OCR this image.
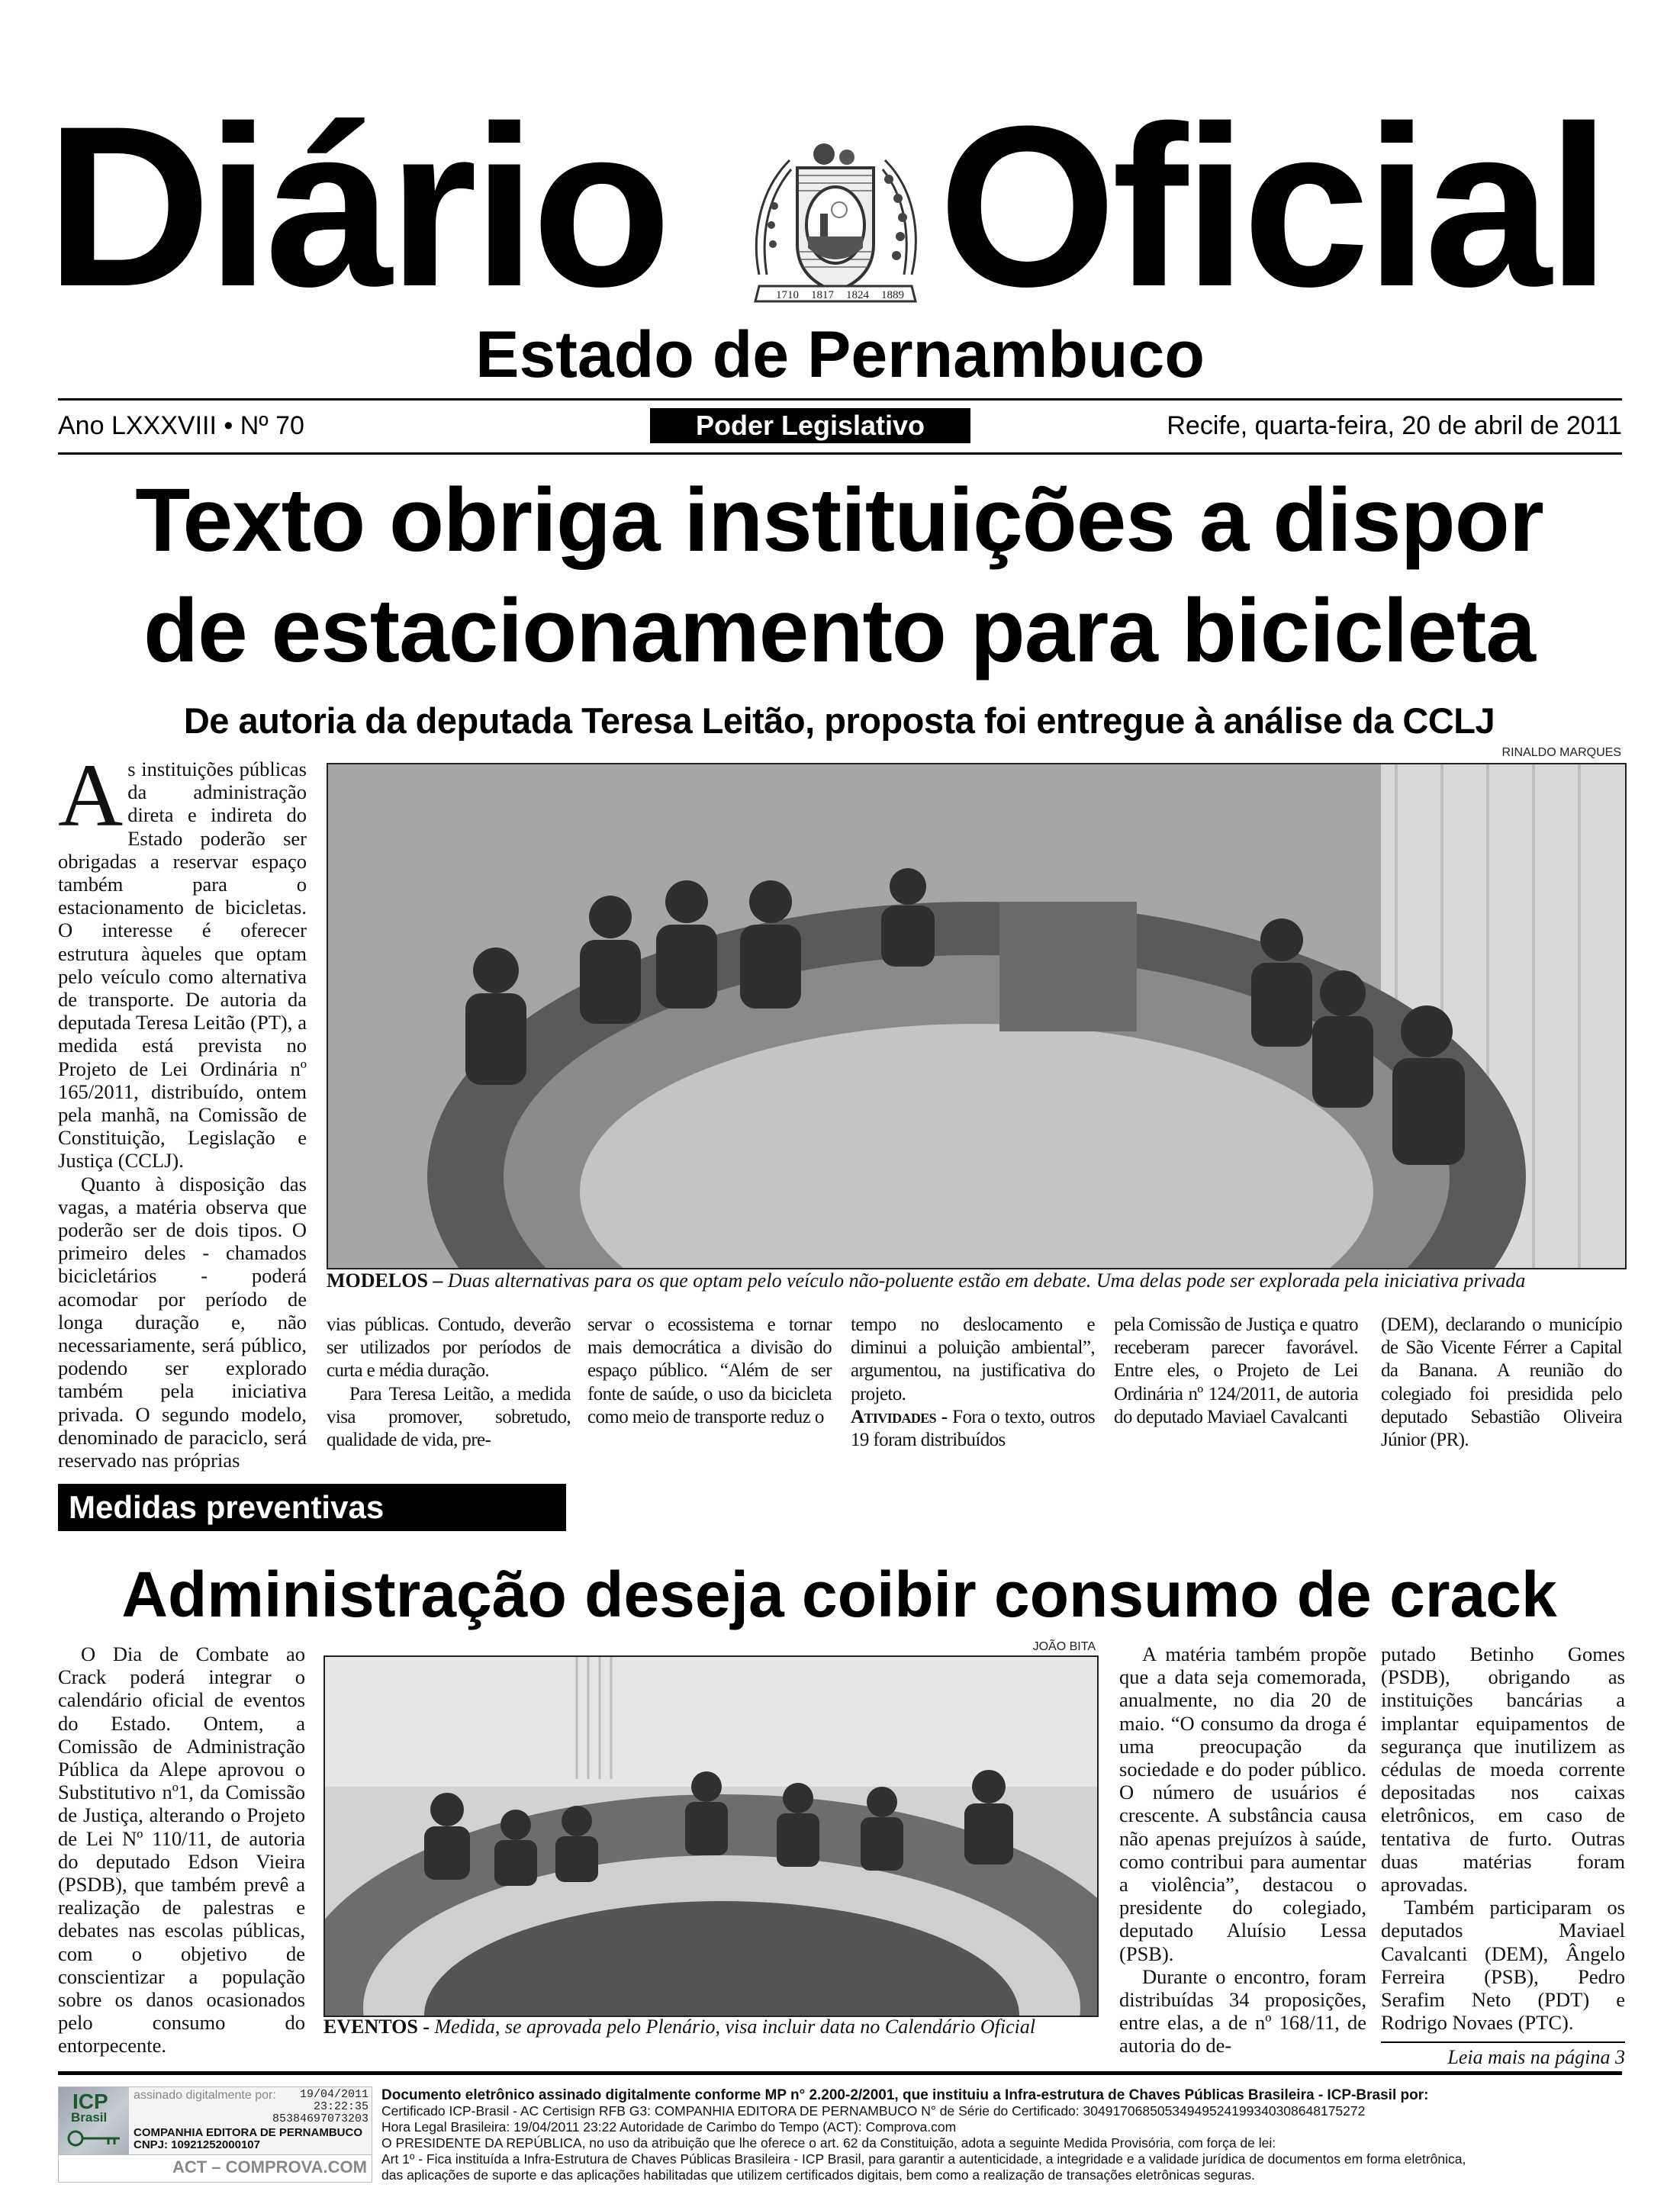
Diário	1710 1817 1824 1889 Oficial
Estado de Pernambuco
Ano LXXXVIII • Nº 70	Poder Legislativo	Recife, quarta-feira, 20 de abril de 2011
Texto obriga instituições a dispor
de estacionamento para bicicleta
De autoria da deputada Teresa Leitão, proposta foi entregue à análise da CCLJ

As instituições públicas da administração direta e indireta do Estado poderão ser obrigadas a reservar espaço também para o estacionamento de bicicletas. O interesse é oferecer estrutura àqueles que optam pelo veículo como alternativa de transporte. De autoria da deputada Teresa Leitão (PT), a medida está prevista no Projeto de Lei Ordinária nº 165/2011, distribuído, ontem pela manhã, na Comissão de Constituição, Legislação e Justiça (CCLJ).

Quanto à disposição das vagas, a matéria observa que poderão ser de dois tipos. O primeiro deles - chamados bicicletários - poderá acomodar por período de longa duração e, não necessariamente, será público, podendo ser explorado também pela iniciativa privada. O segundo modelo, denominado de paraciclo, será reservado nas próprias

RINALDO MARQUES
MODELOS – Duas alternativas para os que optam pelo veículo não-poluente estão em debate. Uma delas pode ser explorada pela iniciativa privada

vias públicas. Contudo, deverão ser utilizados por períodos de curta e média duração.

Para Teresa Leitão, a medida visa promover, sobretudo, qualidade de vida, pre-

servar o ecossistema e tornar mais democrática a divisão do espaço público. “Além de ser fonte de saúde, o uso da bicicleta como meio de transporte reduz o

tempo no deslocamento e diminui a poluição ambiental”, argumentou, na justificativa do projeto.

Atividades - Fora o texto, outros 19 foram distribuídos

pela Comissão de Justiça e quatro receberam parecer favorável. Entre eles, o Projeto de Lei Ordinária nº 124/2011, de autoria do deputado Maviael Cavalcanti

(DEM), declarando o município de São Vicente Férrer a Capital da Banana. A reunião do colegiado foi presidida pelo deputado Sebastião Oliveira Júnior (PR).

Medidas preventivas
Administração deseja coibir consumo de crack

O Dia de Combate ao Crack poderá integrar o calendário oficial de eventos do Estado. Ontem, a Comissão de Administração Pública da Alepe aprovou o Substitutivo nº1, da Comissão de Justiça, alterando o Projeto de Lei Nº 110/11, de autoria do deputado Edson Vieira (PSDB), que também prevê a realização de palestras e debates nas escolas públicas, com o objetivo de conscientizar a população sobre os danos ocasionados pelo consumo do entorpecente.

JOÃO BITA
EVENTOS - Medida, se aprovada pelo Plenário, visa incluir data no Calendário Oficial

A matéria também propõe que a data seja comemorada, anualmente, no dia 20 de maio. “O consumo da droga é uma preocupação da sociedade e do poder público. O número de usuários é crescente. A substância causa não apenas prejuízos à saúde, como contribui para aumentar a violência”, destacou o presidente do colegiado, deputado Aluísio Lessa (PSB).

Durante o encontro, foram distribuídas 34 proposições, entre elas, a de nº 168/11, de autoria do de-

putado Betinho Gomes (PSDB), obrigando as instituições bancárias a implantar equipamentos de segurança que inutilizem as cédulas de moeda corrente depositadas nos caixas eletrônicos, em caso de tentativa de furto. Outras duas matérias foram aprovadas.

Também participaram os deputados Maviael Cavalcanti (DEM), Ângelo Ferreira (PSB), Pedro Serafim Neto (PDT) e Rodrigo Novaes (PTC).

Leia mais na página 3
ICP
Brasil
assinado digitalmente por:	19/04/2011
23:22:35
85384697073203
COMPANHIA EDITORA DE PERNAMBUCO
CNPJ: 10921252000107
ACT – COMPROVA.COM
Documento eletrônico assinado digitalmente conforme MP n° 2.200-2/2001, que instituiu a Infra-estrutura de Chaves Públicas Brasileira - ICP-Brasil por:
Certificado ICP-Brasil - AC Certisign RFB G3: COMPANHIA EDITORA DE PERNAMBUCO N° de Série do Certificado: 30491706850534949524199340308648175272
Hora Legal Brasileira: 19/04/2011 23:22 Autoridade de Carimbo do Tempo (ACT): Comprova.com
O PRESIDENTE DA REPÚBLICA, no uso da atribuição que lhe oferece o art. 62 da Constituição, adota a seguinte Medida Provisória, com força de lei:
Art 1º - Fica instituída a Infra-Estrutura de Chaves Públicas Brasileira - ICP Brasil, para garantir a autenticidade, a integridade e a validade jurídica de documentos em forma eletrônica,
das aplicações de suporte e das aplicações habilitadas que utilizem certificados digitais, bem como a realização de transações eletrônicas seguras.
